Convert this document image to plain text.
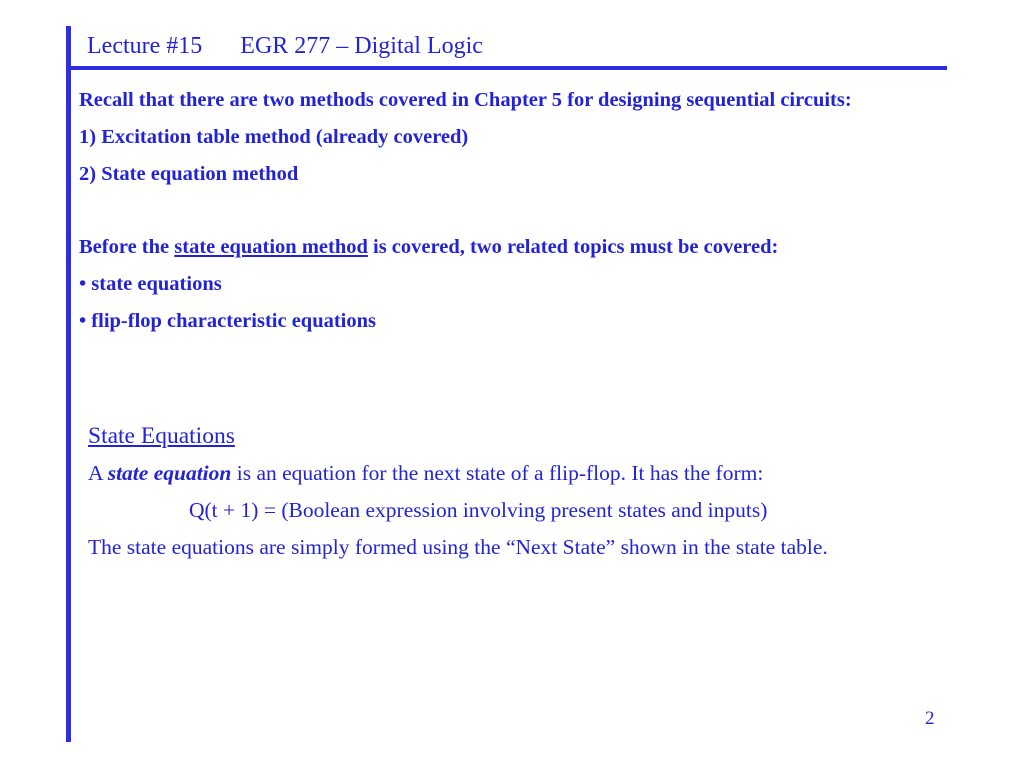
Lecture #15 EGR 277 – Digital Logic

Recall that there are two methods covered in Chapter 5 for designing sequential circuits:

1) Excitation table method (already covered)

2) State equation method

Before the state equation method is covered, two related topics must be covered:

• state equations

• flip-flop characteristic equations

State Equations

A state equation is an equation for the next state of a flip-flop. It has the form:

Q(t + 1) = (Boolean expression involving present states and inputs)

The state equations are simply formed using the “Next State” shown in the state table.

2
